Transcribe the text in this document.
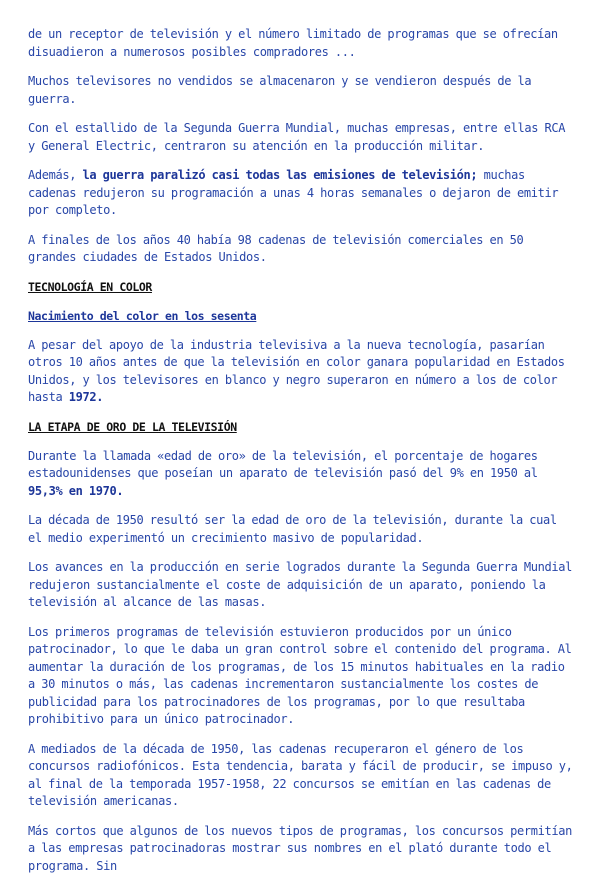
de un receptor de televisión y el número limitado de programas que se ofrecían disuadieron a numerosos posibles compradores ...

Muchos televisores no vendidos se almacenaron y se vendieron después de la guerra.

Con el estallido de la Segunda Guerra Mundial, muchas empresas, entre ellas RCA y General Electric, centraron su atención en la producción militar.

Además, la guerra paralizó casi todas las emisiones de televisión; muchas cadenas redujeron su programación a unas 4 horas semanales o dejaron de emitir por completo.

A finales de los años 40 había 98 cadenas de televisión comerciales en 50 grandes ciudades de Estados Unidos.

TECNOLOGÍA EN COLOR
Nacimiento del color en los sesenta

A pesar del apoyo de la industria televisiva a la nueva tecnología, pasarían otros 10 años antes de que la televisión en color ganara popularidad en Estados Unidos, y los televisores en blanco y negro superaron en número a los de color hasta 1972.

LA ETAPA DE ORO DE LA TELEVISIÓN

Durante la llamada «edad de oro» de la televisión, el porcentaje de hogares estadounidenses que poseían un aparato de televisión pasó del 9% en 1950 al 95,3% en 1970.

La década de 1950 resultó ser la edad de oro de la televisión, durante la cual el medio experimentó un crecimiento masivo de popularidad.

Los avances en la producción en serie logrados durante la Segunda Guerra Mundial redujeron sustancialmente el coste de adquisición de un aparato, poniendo la televisión al alcance de las masas.

Los primeros programas de televisión estuvieron producidos por un único patrocinador, lo que le daba un gran control sobre el contenido del programa. Al aumentar la duración de los programas, de los 15 minutos habituales en la radio a 30 minutos o más, las cadenas incrementaron sustancialmente los costes de publicidad para los patrocinadores de los programas, por lo que resultaba prohibitivo para un único patrocinador.

A mediados de la década de 1950, las cadenas recuperaron el género de los concursos radiofónicos. Esta tendencia, barata y fácil de producir, se impuso y, al final de la temporada 1957-1958, 22 concursos se emitían en las cadenas de televisión americanas.

Más cortos que algunos de los nuevos tipos de programas, los concursos permitían a las empresas patrocinadoras mostrar sus nombres en el plató durante todo el programa. Sin
